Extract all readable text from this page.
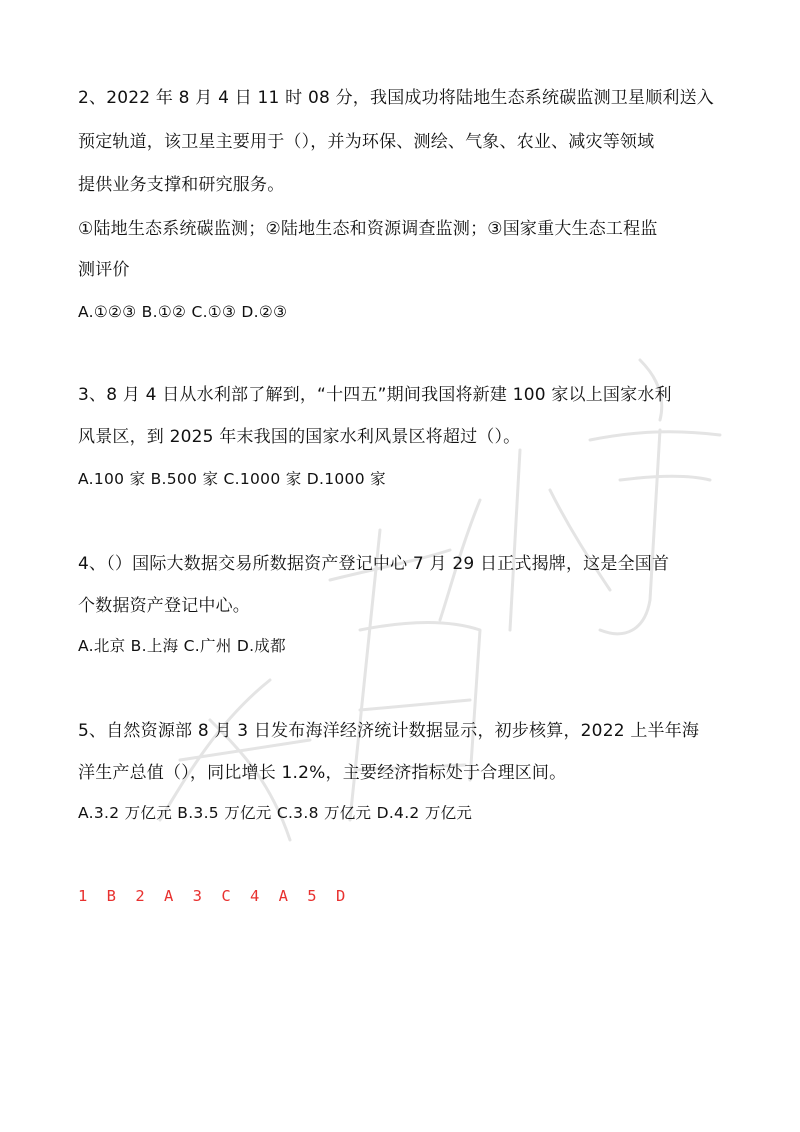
2、2022 年 8 月 4 日 11 时 08 分，我国成功将陆地生态系统碳监测卫星顺利送入
预定轨道，该卫星主要用于（），并为环保、测绘、气象、农业、减灾等领域
提供业务支撑和研究服务。
①陆地生态系统碳监测；②陆地生态和资源调查监测；③国家重大生态工程监
测评价
A.①②③ B.①② C.①③ D.②③
3、8 月 4 日从水利部了解到，“十四五”期间我国将新建 100 家以上国家水利
风景区，到 2025 年末我国的国家水利风景区将超过（）。
A.100 家 B.500 家 C.1000 家 D.1000 家
4、（）国际大数据交易所数据资产登记中心 7 月 29 日正式揭牌，这是全国首
个数据资产登记中心。
A.北京 B.上海 C.广州 D.成都
5、自然资源部 8 月 3 日发布海洋经济统计数据显示，初步核算，2022 上半年海
洋生产总值（），同比增长 1.2%，主要经济指标处于合理区间。
A.3.2 万亿元 B.3.5 万亿元 C.3.8 万亿元 D.4.2 万亿元
1 B 2 A 3 C 4 A 5 D
